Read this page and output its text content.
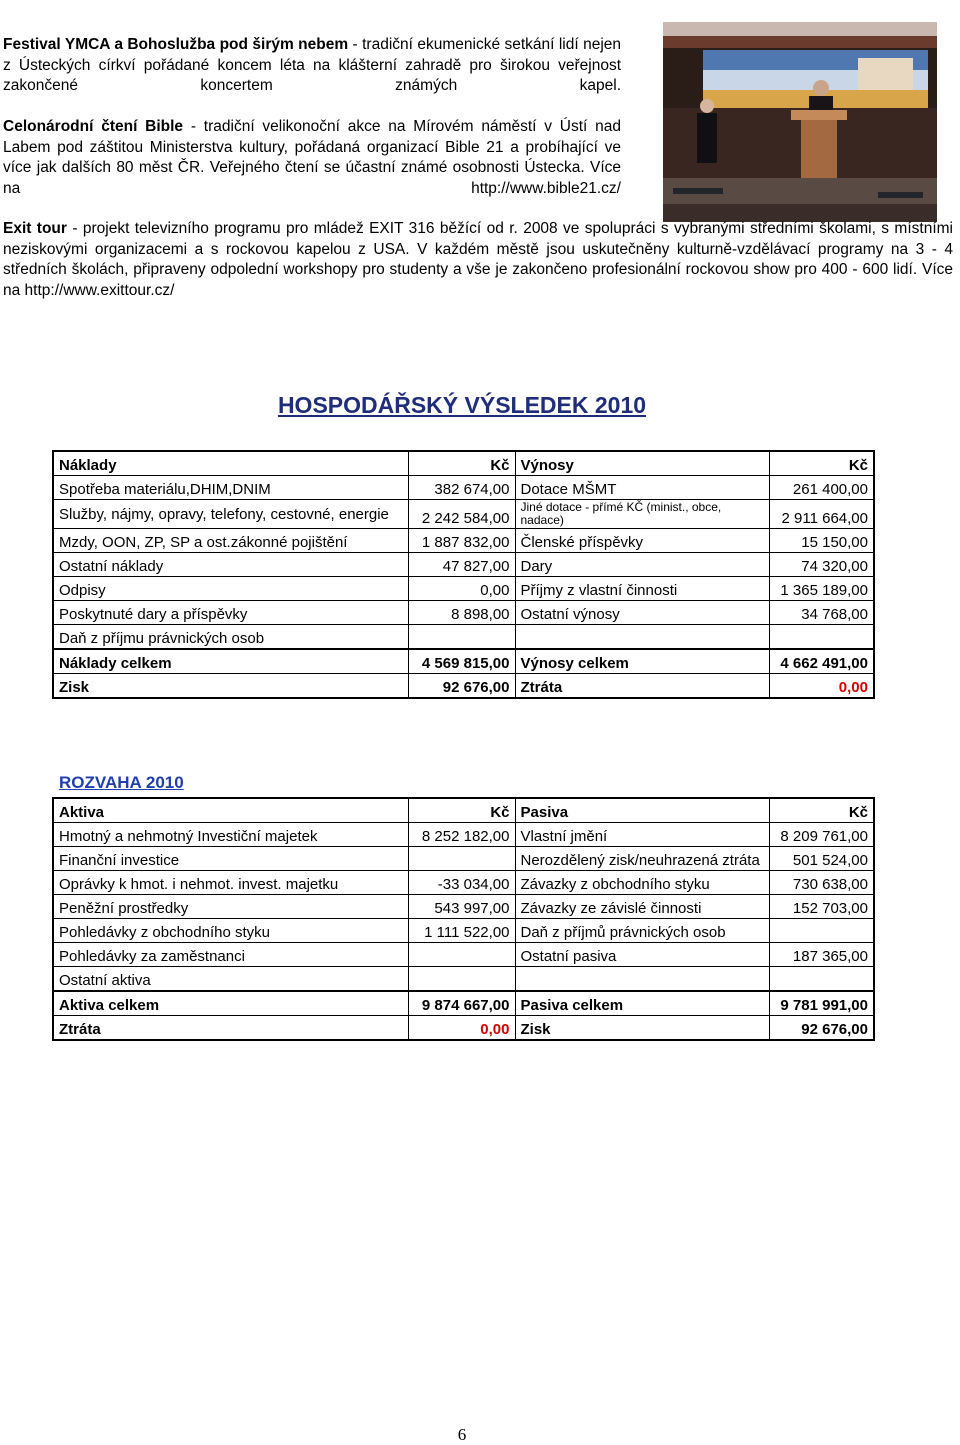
Festival YMCA a Bohoslužba pod širým nebem - tradiční ekumenické setkání lidí nejen z Ústeckých církví pořádané koncem léta na klášterní zahradě pro širokou veřejnost zakončené koncertem známých kapel.

Celonárodní čtení Bible - tradiční velikonoční akce na Mírovém náměstí v Ústí nad Labem pod záštitou Ministerstva kultury, pořádaná organizací Bible 21 a probíhající ve více jak dalších 80 měst ČR. Veřejného čtení se účastní známé osobnosti Ústecka. Více na http://www.bible21.cz/

Exit tour - projekt televizního programu pro mládež EXIT 316 běžící od r. 2008 ve spolupráci s vybranými středními školami, s místními neziskovými organizacemi a s rockovou kapelou z USA. V každém městě jsou uskutečněny kulturně-vzdělávací programy na 3 - 4 středních školách, připraveny odpolední workshopy pro studenty a vše je zakončeno profesionální rockovou show pro 400 - 600 lidí. Více na http://www.exittour.cz/

HOSPODÁŘSKÝ VÝSLEDEK 2010
Náklady	Kč	Výnosy	Kč
Spotřeba materiálu,DHIM,DNIM	382 674,00	Dotace MŠMT	261 400,00
Služby, nájmy, opravy, telefony, cestovné, energie	2 242 584,00	Jiné dotace - přímé KČ (minist., obce, nadace)	2 911 664,00
Mzdy, OON, ZP, SP a ost.zákonné pojištění	1 887 832,00	Členské příspěvky	15 150,00
Ostatní náklady	47 827,00	Dary	74 320,00
Odpisy	0,00	Příjmy z vlastní činnosti	1 365 189,00
Poskytnuté dary a příspěvky	8 898,00	Ostatní výnosy	34 768,00
Daň z příjmu právnických osob			
Náklady celkem	4 569 815,00	Výnosy celkem	4 662 491,00
Zisk	92 676,00	Ztráta	0,00
ROZVAHA 2010
Aktiva	Kč	Pasiva	Kč
Hmotný a nehmotný Investiční majetek	8 252 182,00	Vlastní jmění	8 209 761,00
Finanční investice		Nerozdělený zisk/neuhrazená ztráta	501 524,00
Oprávky k hmot. i nehmot. invest. majetku	-33 034,00	Závazky z obchodního styku	730 638,00
Peněžní prostředky	543 997,00	Závazky ze závislé činnosti	152 703,00
Pohledávky z obchodního styku	1 111 522,00	Daň z příjmů právnických osob	
Pohledávky za zaměstnanci		Ostatní pasiva	187 365,00
Ostatní aktiva			
Aktiva celkem	9 874 667,00	Pasiva celkem	9 781 991,00
Ztráta	0,00	Zisk	92 676,00

6
